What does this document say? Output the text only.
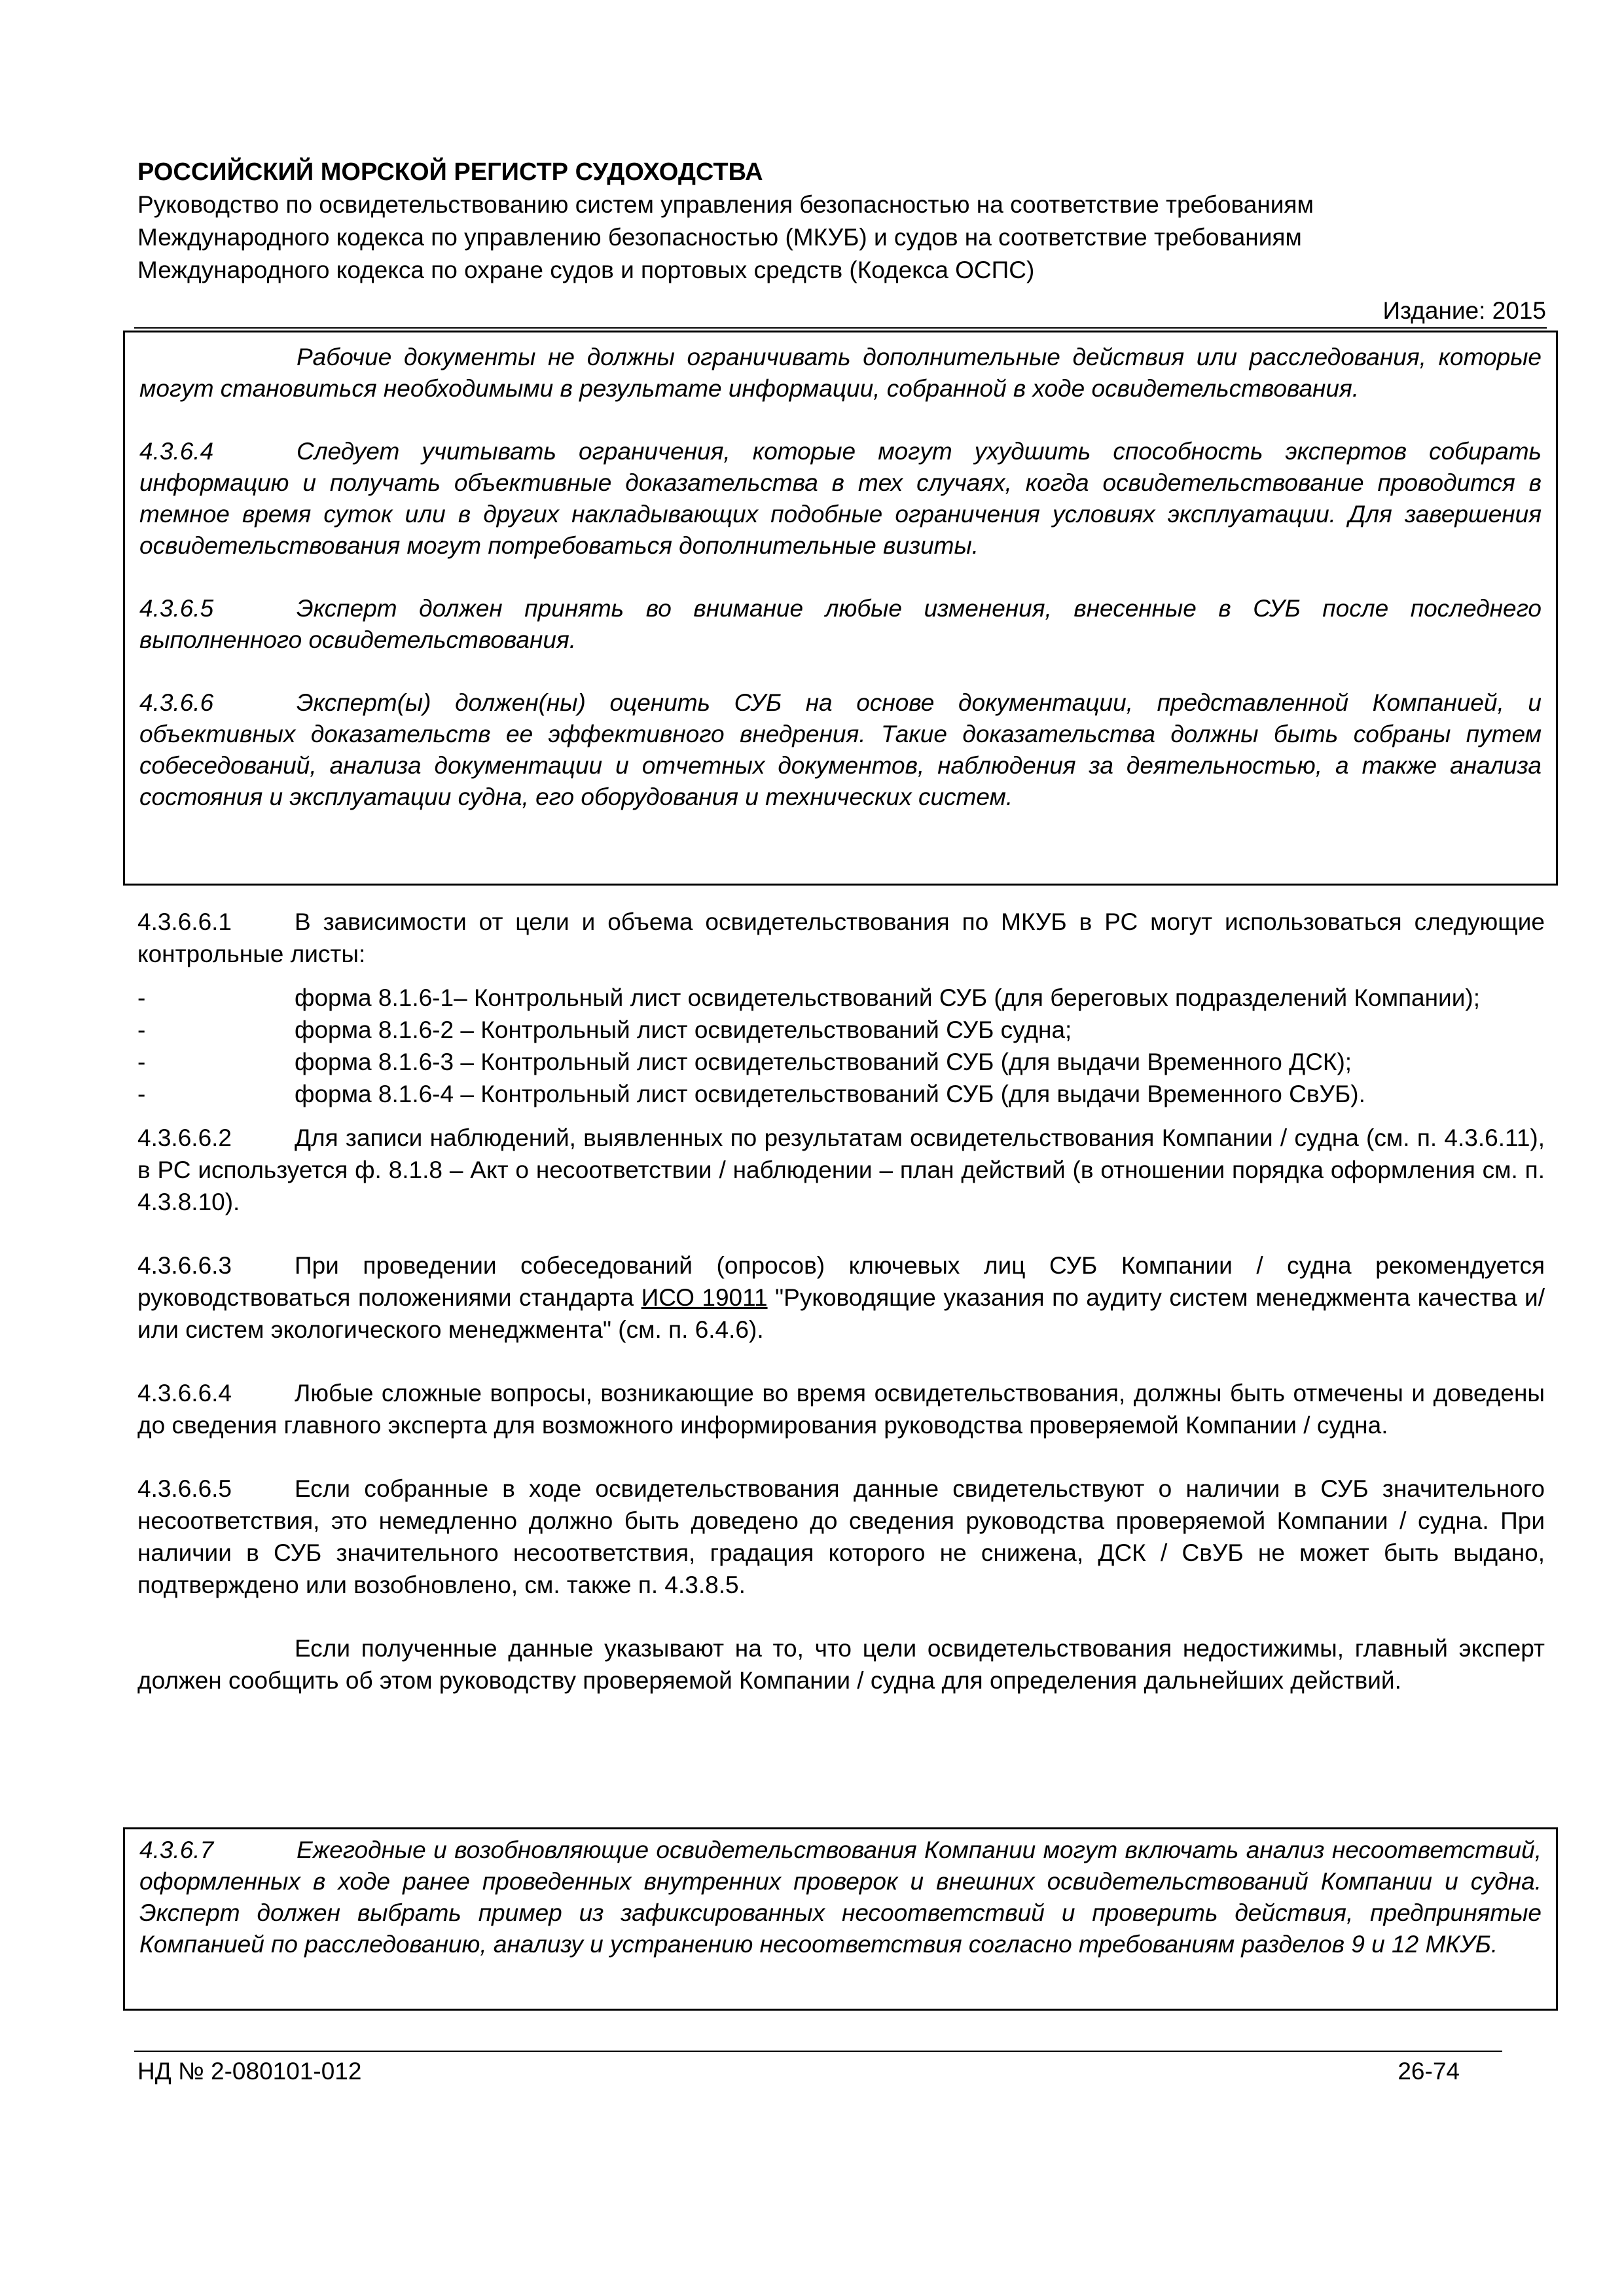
РОССИЙСКИЙ МОРСКОЙ РЕГИСТР СУДОХОДСТВА
Руководство по освидетельствованию систем управления безопасностью на соответствие требованиям
Международного кодекса по управлению безопасностью (МКУБ) и судов на соответствие требованиям
Международного кодекса по охране судов и портовых средств (Кодекса ОСПС)
Издание: 2015

Рабочие документы не должны ограничивать дополнительные действия или расследования, которые могут становиться необходимыми в результате информации, собранной в ходе освидетельствования.

4.3.6.4	Следует учитывать ограничения, которые могут ухудшить способность экспертов собирать информацию и получать объективные доказательства в тех случаях, когда освидетельствование проводится в темное время суток или в других накладывающих подобные ограничения условиях эксплуатации. Для завершения освидетельствования могут потребоваться дополнительные визиты.

4.3.6.5	Эксперт должен принять во внимание любые изменения, внесенные в СУБ после последнего выполненного освидетельствования.

4.3.6.6	Эксперт(ы) должен(ны) оценить СУБ на основе документации, представленной Компанией, и объективных доказательств ее эффективного внедрения. Такие доказательства должны быть собраны путем собеседований, анализа документации и отчетных документов, наблюдения за деятельностью, а также анализа состояния и эксплуатации судна, его оборудования и технических систем.

4.3.6.6.1	В зависимости от цели и объема освидетельствования по МКУБ в РС могут использоваться следующие контрольные листы:

-	форма 8.1.6-1– Контрольный лист освидетельствований СУБ (для береговых подразделений Компании);
-	форма 8.1.6-2 – Контрольный лист освидетельствований СУБ судна;
-	форма 8.1.6-3 – Контрольный лист освидетельствований СУБ (для выдачи Временного ДСК);
-	форма 8.1.6-4 – Контрольный лист освидетельствований СУБ (для выдачи Временного СвУБ).

4.3.6.6.2	Для записи наблюдений, выявленных по результатам освидетельствования Компании / судна (см. п. 4.3.6.11), в РС используется ф. 8.1.8 – Акт о несоответствии / наблюдении – план действий (в отношении порядка оформления см. п. 4.3.8.10).

4.3.6.6.3	При проведении собеседований (опросов) ключевых лиц СУБ Компании / судна рекомендуется руководствоваться положениями стандарта ИСО 19011 "Руководящие указания по аудиту систем менеджмента качества и/или систем экологического менеджмента" (см. п. 6.4.6).

4.3.6.6.4	Любые сложные вопросы, возникающие во время освидетельствования, должны быть отмечены и доведены до сведения главного эксперта для возможного информирования руководства проверяемой Компании / судна.

4.3.6.6.5	Если собранные в ходе освидетельствования данные свидетельствуют о наличии в СУБ значительного несоответствия, это немедленно должно быть доведено до сведения руководства проверяемой Компании / судна. При наличии в СУБ значительного несоответствия, градация которого не снижена, ДСК / СвУБ не может быть выдано, подтверждено или возобновлено, см. также п. 4.3.8.5.

Если полученные данные указывают на то, что цели освидетельствования недостижимы, главный эксперт должен сообщить об этом руководству проверяемой Компании / судна для определения дальнейших действий.

4.3.6.7	Ежегодные и возобновляющие освидетельствования Компании могут включать анализ несоответствий, оформленных в ходе ранее проведенных внутренних проверок и внешних освидетельствований Компании и судна. Эксперт должен выбрать пример из зафиксированных несоответствий и проверить действия, предпринятые Компанией по расследованию, анализу и устранению несоответствия согласно требованиям разделов 9 и 12 МКУБ.

НД № 2-080101-012	26-74
